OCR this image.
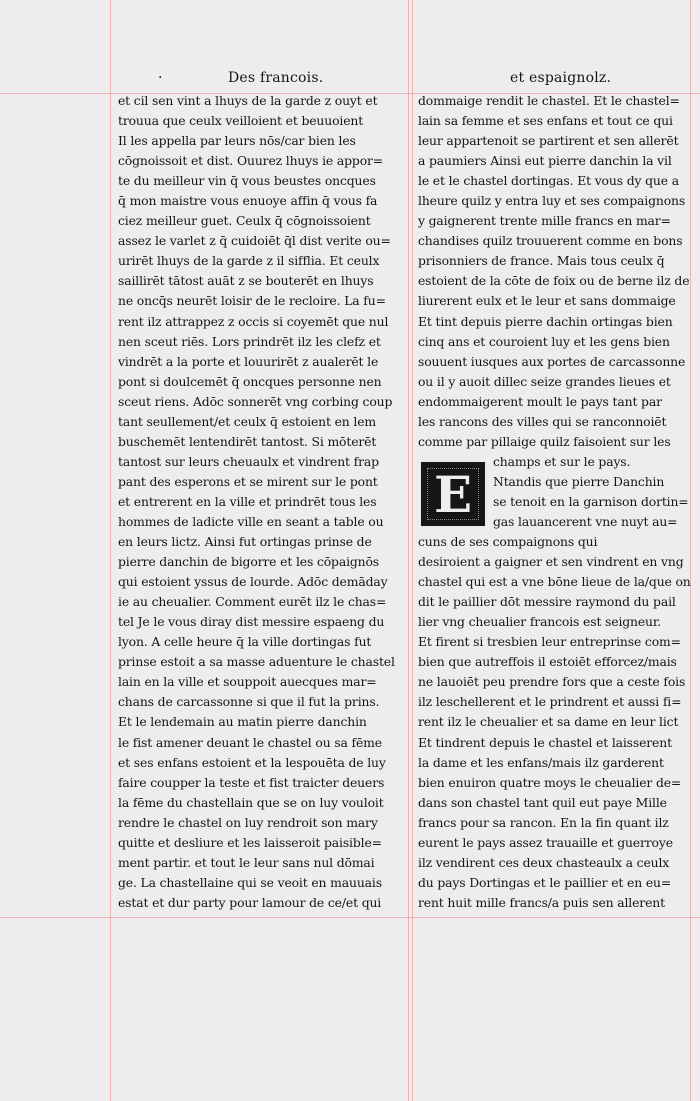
·	Des francois.	et espaignolz.
et cil sen vint a lhuys de la garde z ouyt et
trouua que ceulx veilloient et beuuoient
Il les appella par leurs nōs/car bien les
cōgnoissoit et dist. Ouurez lhuys ie appor=
te du meilleur vin q̄ vous beustes oncques
q̄ mon maistre vous enuoye affin q̄ vous fa
ciez meilleur guet. Ceulx q̄ cōgnoissoient
assez le varlet z q̄ cuidoiēt q̄l dist verite ou=
urirēt lhuys de la garde z il sifflia. Et ceulx
saillirēt tātost auāt z se bouterēt en lhuys
ne oncq̄s neurēt loisir de le recloire. La fu=
rent ilz attrappez z occis si coyemēt que nul
nen sceut riēs. Lors prindrēt ilz les clefz et
vindrēt a la porte et louurirēt z aualerēt le
pont si doulcemēt q̄ oncques personne nen
sceut riens. Adōc sonnerēt vng corbing coup
tant seullement/et ceulx q̄ estoient en lem
buschemēt lentendirēt tantost. Si mōterēt
tantost sur leurs cheuaulx et vindrent frap
pant des esperons et se mirent sur le pont
et entrerent en la ville et prindrēt tous les
hommes de ladicte ville en seant a table ou
en leurs lictz. Ainsi fut ortingas prinse de
pierre danchin de bigorre et les cōpaignōs
qui estoient yssus de lourde. Adōc demāday
ie au cheualier. Comment eurēt ilz le chas=
tel Je le vous diray dist messire espaeng du
lyon. A celle heure q̄ la ville dortingas fut
prinse estoit a sa masse aduenture le chastel
lain en la ville et souppoit auecques mar=
chans de carcassonne si que il fut la prins.
Et le lendemain au matin pierre danchin
le fist amener deuant le chastel ou sa fēme
et ses enfans estoient et la lespouēta de luy
faire coupper la teste et fist traicter deuers
la fēme du chastellain que se on luy vouloit
rendre le chastel on luy rendroit son mary
quitte et desliure et les laisseroit paisible=
ment partir. et tout le leur sans nul dōmai
ge. La chastellaine qui se veoit en mauuais
estat et dur party pour lamour de ce/et qui
dommaige rendit le chastel. Et le chastel=
lain sa femme et ses enfans et tout ce qui
leur appartenoit se partirent et sen allerēt
a paumiers Ainsi eut pierre danchin la vil
le et le chastel dortingas. Et vous dy que a
lheure quilz y entra luy et ses compaignons
y gaignerent trente mille francs en mar=
chandises quilz trouuerent comme en bons
prisonniers de france. Mais tous ceulx q̄
estoient de la cōte de foix ou de berne ilz de
liurerent eulx et le leur et sans dommaige
Et tint depuis pierre dachin ortingas bien
cinq ans et couroient luy et les gens bien
souuent iusques aux portes de carcassonne
ou il y auoit dillec seize grandes lieues et
endommaigerent moult le pays tant par
les rancons des villes qui se ranconnoiēt
comme par pillaige quilz faisoient sur les
champs et sur le pays.
Ntandis que pierre Danchin
se tenoit en la garnison dortin=
gas lauancerent vne nuyt au=
cuns de ses compaignons qui
desiroient a gaigner et sen vindrent en vng
chastel qui est a vne bōne lieue de la/que on
dit le paillier dōt messire raymond du pail
lier vng cheualier francois est seigneur.
Et firent si tresbien leur entreprinse com=
bien que autreffois il estoiēt efforcez/mais
ne lauoiēt peu prendre fors que a ceste fois
ilz leschellerent et le prindrent et aussi fi=
rent ilz le cheualier et sa dame en leur lict
Et tindrent depuis le chastel et laisserent
la dame et les enfans/mais ilz garderent
bien enuiron quatre moys le cheualier de=
dans son chastel tant quil eut paye Mille
francs pour sa rancon. En la fin quant ilz
eurent le pays assez trauaille et guerroye
ilz vendirent ces deux chasteaulx a ceulx
du pays Dortingas et le paillier et en eu=
rent huit mille francs/a puis sen allerent
E
